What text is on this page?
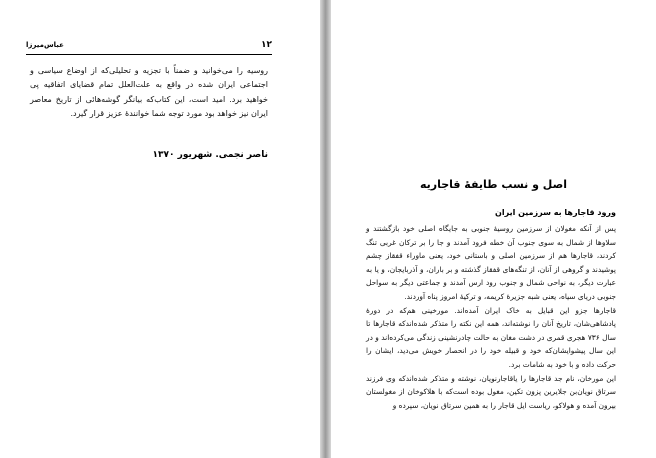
۱۲
عباس‌میرزا

روسیه را می‌خوانید و ضمناً با تجزیه و تحلیلی‌که از اوضاع سیاسی و اجتماعی ایران شده در واقع به علت‌العلل تمام قضایای اتفاقیه پی خواهید برد. امید است، این کتاب‌که بیانگر گوشه‌هائی از تاریخ معاصر ایران نیز خواهد بود مورد توجه شما خوانندهٔ عزیز قرار گیرد.

ناصر نجمی. شهریور ۱۳۷۰
اصل و نسب طایفهٔ قاجاریه
ورود قاجارها به سرزمین ایران

پس از آنکه مغولان از سرزمین روسیهٔ جنوبی به جایگاه اصلی خود بازگشتند و سلاوها از شمال به سوی جنوب آن خطه فرود آمدند و جا را بر ترکان غربی تنگ کردند، قاجارها هم از سرزمین اصلی و باستانی خود، یعنی ماوراء قفقاز چشم پوشیدند و گروهی از آنان، از تنگه‌های قفقاز گذشته و بر باران، و آذربایجان، و یا به عبارت دیگر، به نواحی شمال و جنوب رود ارس آمدند و جماعتی دیگر به سواحل جنوبی دریای سیاه، یعنی شبه جزیرهٔ کریمه، و ترکیهٔ امروز پناه آوردند.

قاجارها جزو این قبایل به خاک ایران آمده‌اند. مورخینی هم‌که در دورهٔ پادشاهی‌شان، تاریخ آنان را نوشته‌اند، همه این نکته را متذکر شده‌اندکه قاجارها تا سال ۷۳۶ هجری قمری در دشت مغان به حالت چادرنشینی زندگی می‌کرده‌اند و در این سال پیشوایشان‌که خود و قبیله خود را در انحصار خویش می‌دید، ایشان را حرکت داده و با خود به شامات برد.

این مورخان، نام جد قاجارها را یاقاجارنویان، نوشته و متذکر شده‌اندکه وی فرزند سرتاق نویان‌بن جلایرین پزون تکین، مغول بوده است‌که با هلاکوخان از مغولستان بیرون آمده و هولاکو، ریاست ایل قاجار را به همین سرتاق نویان، سپرده و
